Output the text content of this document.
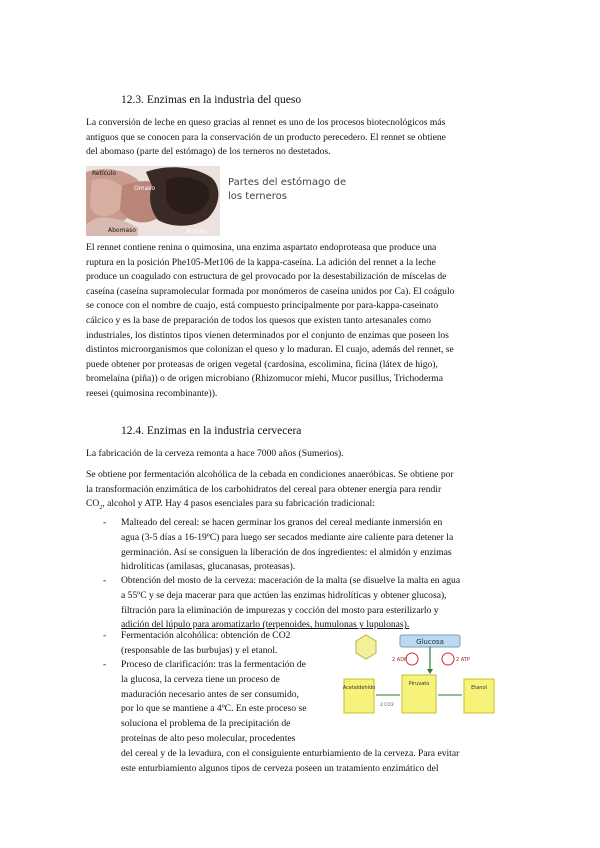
12.3. Enzimas en la industria del queso
La conversión de leche en queso gracias al rennet es uno de los procesos biotecnológicos más
antiguos que se conocen para la conservación de un producto perecedero. El rennet se obtiene
del abomaso (parte del estómago) de los terneros no destetados.
Retículo
Omaso
Abomaso	Rumen
Partes del estómago de
los terneros
El rennet contiene renina o quimosina, una enzima aspartato endoproteasa que produce una
ruptura en la posición Phe105-Met106 de la kappa-caseína. La adición del rennet a la leche
produce un coagulado con estructura de gel provocado por la desestabilización de míscelas de
caseína (caseína supramolecular formada por monómeros de caseína unidos por Ca). El coágulo
se conoce con el nombre de cuajo, está compuesto principalmente por para-kappa-caseinato
cálcico y es la base de preparación de todos los quesos que existen tanto artesanales como
industriales, los distintos tipos vienen determinados por el conjunto de enzimas que poseen los
distintos microorganismos que colonizan el queso y lo maduran. El cuajo, además del rennet, se
puede obtener por proteasas de origen vegetal (cardosina, escolimina, ficina (látex de higo),
bromelaína (piña)) o de origen microbiano (Rhizomucor miehi, Mucor pusillus, Trichoderma
reesei (quimosina recombinante)).
12.4. Enzimas en la industria cervecera
La fabricación de la cerveza remonta a hace 7000 años (Sumerios).
Se obtiene por fermentación alcohólica de la cebada en condiciones anaeróbicas. Se obtiene por
la transformación enzimática de los carbohidratos del cereal para obtener energía para rendir
$CO_2$, alcohol y ATP. Hay 4 pasos esenciales para su fabricación tradicional:
- Malteado del cereal: se hacen germinar los granos del cereal mediante inmersión en
agua (3-5 días a 16-19ºC) para luego ser secados mediante aire caliente para detener la
germinación. Así se consiguen la liberación de dos ingredientes: el almidón y enzimas
hidrolíticas (amilasas, glucanasas, proteasas).
- Obtención del mosto de la cerveza: maceración de la malta (se disuelve la malta en agua
a 55ºC y se deja macerar para que actúen las enzimas hidrolíticas y obtener glucosa),
filtración para la eliminación de impurezas y cocción del mosto para esterilizarlo y
adición del lúpulo para aromatizarlo (terpenoides, humulonas y lupulonas).
- Fermentación alcohólica: obtención de CO2
(responsable de las burbujas) y el etanol.
- Proceso de clarificación: tras la fermentación de
la glucosa, la cerveza tiene un proceso de
maduración necesario antes de ser consumido,
por lo que se mantiene a 4ºC. En este proceso se
soluciona el problema de la precipitación de
proteínas de alto peso molecular, procedentes
del cereal y de la levadura, con el consiguiente enturbiamiento de la cerveza. Para evitar
este enturbiamiento algunos tipos de cerveza poseen un tratamiento enzimático del
Glucosa
2 ADP	2 ATP
Acetaldehído
Piruvato
Etanol
2 CO2
